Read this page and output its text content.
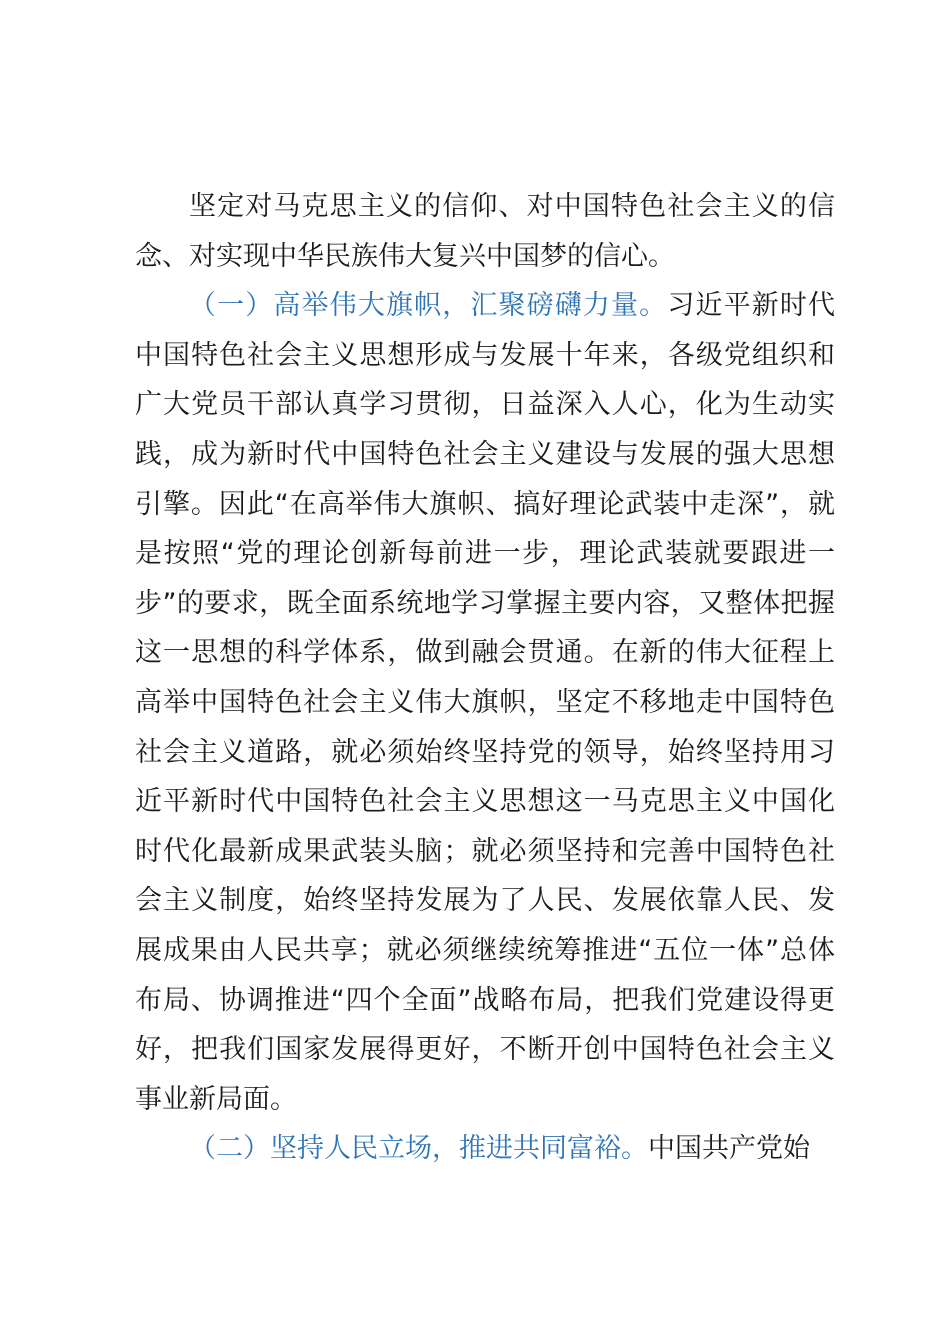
坚定对马克思主义的信仰、对中国特色社会主义的信念、对实现中华民族伟大复兴中国梦的信心。

（一）高举伟大旗帜，汇聚磅礴力量。习近平新时代中国特色社会主义思想形成与发展十年来，各级党组织和广大党员干部认真学习贯彻，日益深入人心，化为生动实践，成为新时代中国特色社会主义建设与发展的强大思想引擎。因此“在高举伟大旗帜、搞好理论武装中走深”，就是按照“党的理论创新每前进一步，理论武装就要跟进一步”的要求，既全面系统地学习掌握主要内容，又整体把握这一思想的科学体系，做到融会贯通。在新的伟大征程上高举中国特色社会主义伟大旗帜，坚定不移地走中国特色社会主义道路，就必须始终坚持党的领导，始终坚持用习近平新时代中国特色社会主义思想这一马克思主义中国化时代化最新成果武装头脑；就必须坚持和完善中国特色社会主义制度，始终坚持发展为了人民、发展依靠人民、发展成果由人民共享；就必须继续统筹推进“五位一体”总体布局、协调推进“四个全面”战略布局，把我们党建设得更好，把我们国家发展得更好，不断开创中国特色社会主义事业新局面。

（二）坚持人民立场，推进共同富裕。中国共产党始
